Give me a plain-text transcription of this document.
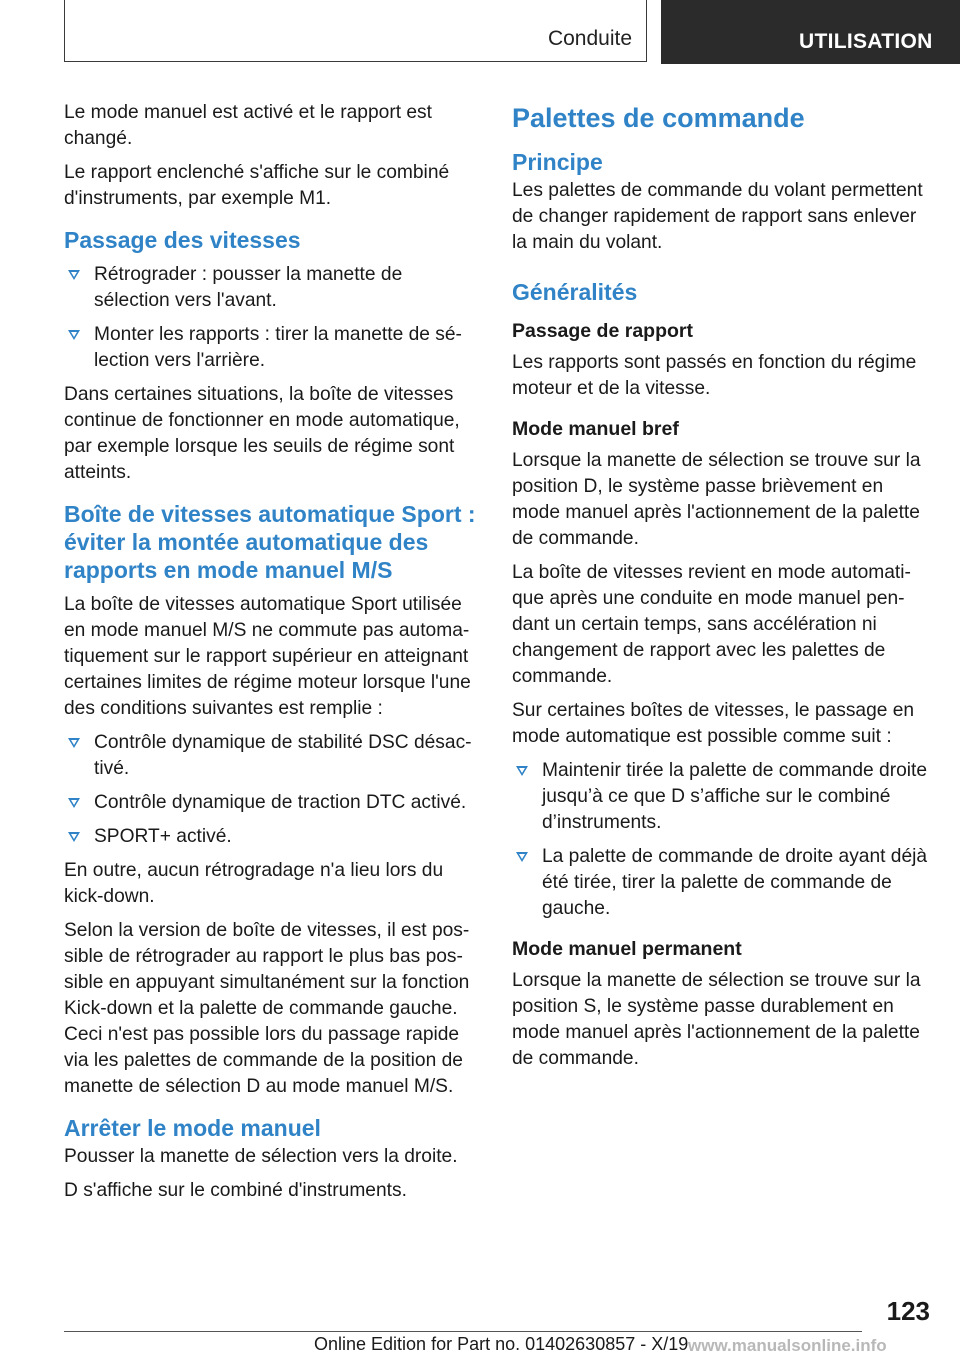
Conduite	UTILISATION

Le mode manuel est activé et le rapport est changé.

Le rapport enclenché s'affiche sur le combiné d'instruments, par exemple M1.

Passage des vitesses
Rétrograder : pousser la manette de sélection vers l'avant.
Monter les rapports : tirer la manette de sélection vers l'arrière.

Dans certaines situations, la boîte de vitesses continue de fonctionner en mode automatique, par exemple lorsque les seuils de régime sont atteints.

Boîte de vitesses automatique Sport : éviter la montée automatique des rapports en mode manuel M/S

La boîte de vitesses automatique Sport utilisée en mode manuel M/S ne commute pas automatiquement sur le rapport supérieur en atteignant certaines limites de régime moteur lorsque l'une des conditions suivantes est remplie :

Contrôle dynamique de stabilité DSC désactivé.
Contrôle dynamique de traction DTC activé.
SPORT+ activé.

En outre, aucun rétrogradage n'a lieu lors du kick-down.

Selon la version de boîte de vitesses, il est possible de rétrograder au rapport le plus bas possible en appuyant simultanément sur la fonction Kick-down et la palette de commande gauche. Ceci n'est pas possible lors du passage rapide via les palettes de commande de la position de manette de sélection D au mode manuel M/S.

Arrêter le mode manuel

Pousser la manette de sélection vers la droite.

D s'affiche sur le combiné d'instruments.

Palettes de commande
Principe

Les palettes de commande du volant permettent de changer rapidement de rapport sans enlever la main du volant.

Généralités
Passage de rapport

Les rapports sont passés en fonction du régime moteur et de la vitesse.

Mode manuel bref

Lorsque la manette de sélection se trouve sur la position D, le système passe brièvement en mode manuel après l'actionnement de la palette de commande.

La boîte de vitesses revient en mode automatique après une conduite en mode manuel pendant un certain temps, sans accélération ni changement de rapport avec les palettes de commande.

Sur certaines boîtes de vitesses, le passage en mode automatique est possible comme suit :

Maintenir tirée la palette de commande droite jusqu’à ce que D s’affiche sur le combiné d’instruments.
La palette de commande de droite ayant déjà été tirée, tirer la palette de commande de gauche.
Mode manuel permanent

Lorsque la manette de sélection se trouve sur la position S, le système passe durablement en mode manuel après l'actionnement de la palette de commande.

123
Online Edition for Part no. 01402630857 - X/19 www.manualsonline.info
